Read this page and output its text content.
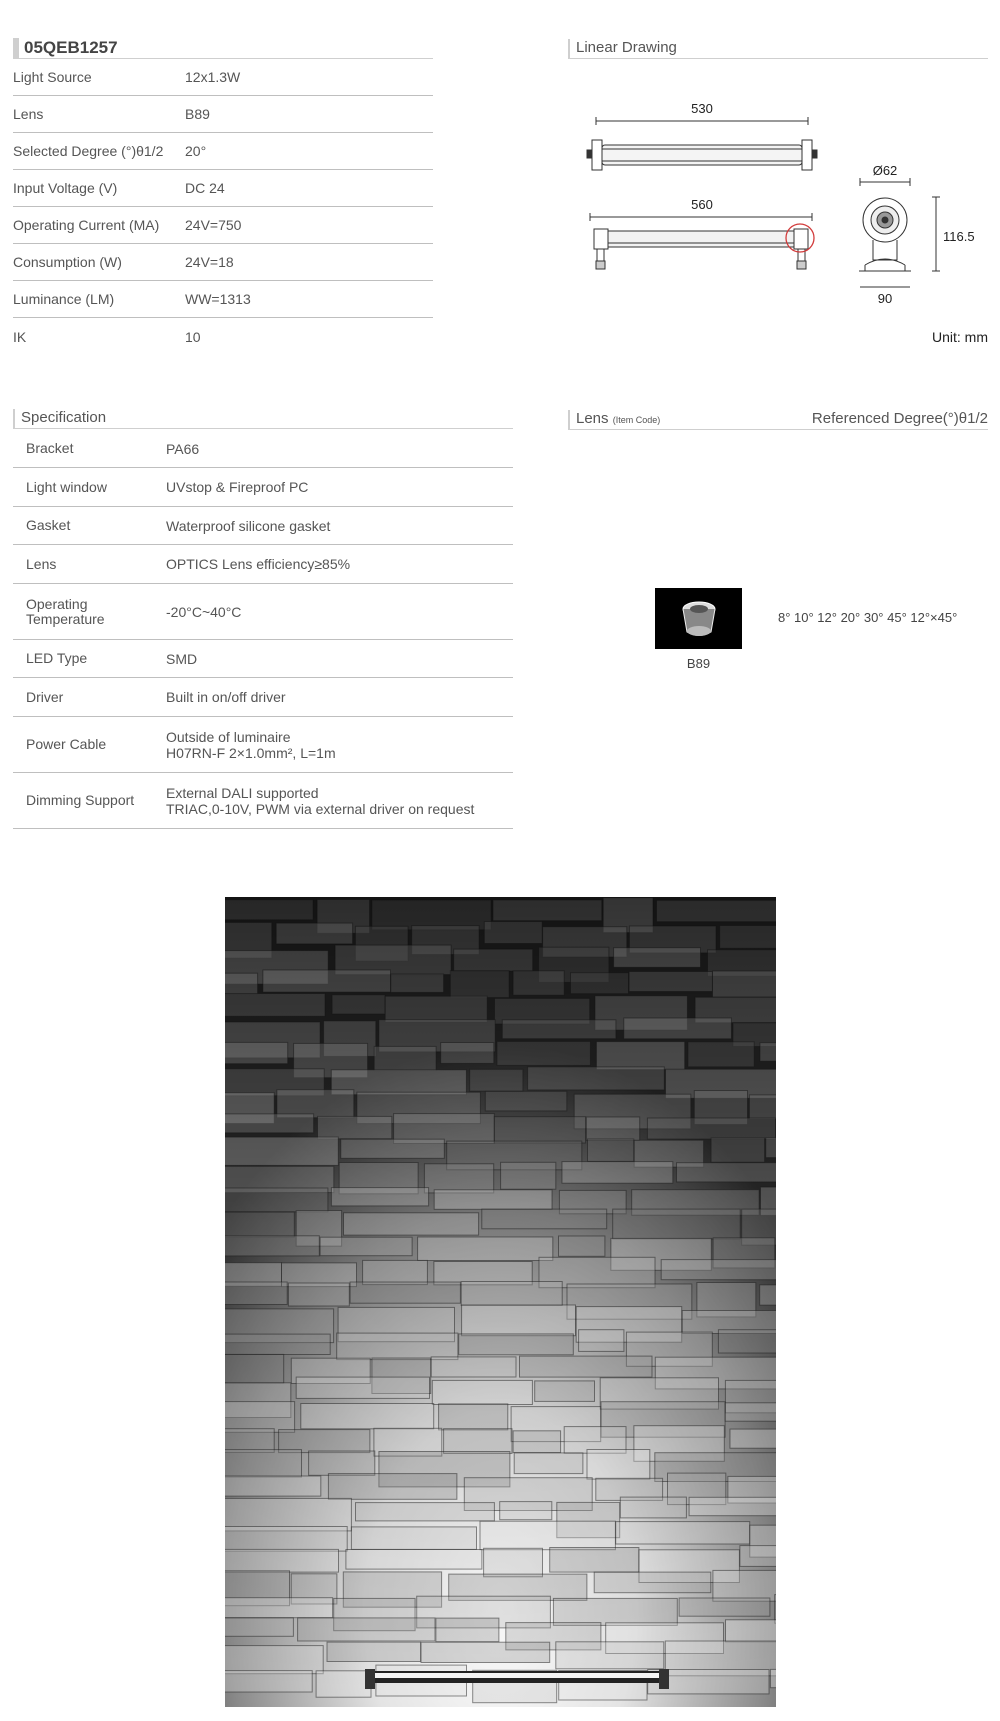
05QEB1257
Light Source	12x1.3W
Lens	B89
Selected Degree (°)θ1/2	20°
Input Voltage (V)	DC 24
Operating Current (MA)	24V=750
Consumption (W)	24V=18
Luminance (LM)	WW=1313
IK	10
Linear Drawing
530
560
Ø62
116.5
90
Unit: mm
Specification
Bracket	PA66
Light window	UVstop & Fireproof PC
Gasket	Waterproof silicone gasket
Lens	OPTICS Lens efficiency≥85%
Operating
Temperature	-20°C~40°C
LED Type	SMD
Driver	Built in on/off driver
Power Cable	Outside of luminaire
H07RN-F 2×1.0mm², L=1m
Dimming Support	External DALI supported
TRIAC,0-10V, PWM via external driver on request
Lens (Item Code)	Referenced Degree(°)θ1/2
B89
8° 10° 12° 20° 30° 45° 12°×45°
